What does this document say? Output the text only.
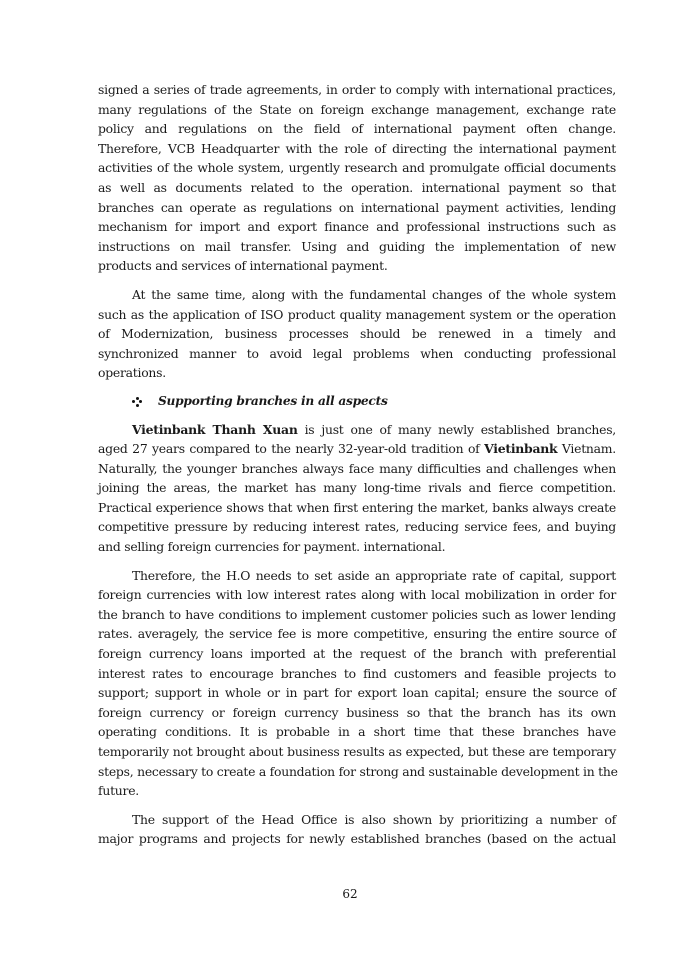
signed a series of trade agreements, in order to comply with international practices,
many regulations of the State on foreign exchange management, exchange rate
policy and regulations on the field of international payment often change.
Therefore, VCB Headquarter with the role of directing the international payment
activities of the whole system, urgently research and promulgate official documents
as well as documents related to the operation. international payment so that
branches can operate as regulations on international payment activities, lending
mechanism for import and export finance and professional instructions such as
instructions on mail transfer. Using and guiding the implementation of new
products and services of international payment.

At the same time, along with the fundamental changes of the whole system
such as the application of ISO product quality management system or the operation
of Modernization, business processes should be renewed in a timely and
synchronized manner to avoid legal problems when conducting professional
operations.

Supporting branches in all aspects

Vietinbank Thanh Xuan is just one of many newly established branches,
aged 27 years compared to the nearly 32-year-old tradition of Vietinbank Vietnam.
Naturally, the younger branches always face many difficulties and challenges when
joining the areas, the market has many long-time rivals and fierce competition.
Practical experience shows that when first entering the market, banks always create
competitive pressure by reducing interest rates, reducing service fees, and buying
and selling foreign currencies for payment. international.

Therefore, the H.O needs to set aside an appropriate rate of capital, support
foreign currencies with low interest rates along with local mobilization in order for
the branch to have conditions to implement customer policies such as lower lending
rates. averagely, the service fee is more competitive, ensuring the entire source of
foreign currency loans imported at the request of the branch with preferential
interest rates to encourage branches to find customers and feasible projects to
support; support in whole or in part for export loan capital; ensure the source of
foreign currency or foreign currency business so that the branch has its own
operating conditions. It is probable in a short time that these branches have
temporarily not brought about business results as expected, but these are temporary
steps, necessary to create a foundation for strong and sustainable development in the
future.

The support of the Head Office is also shown by prioritizing a number of
major programs and projects for newly established branches (based on the actual

62
